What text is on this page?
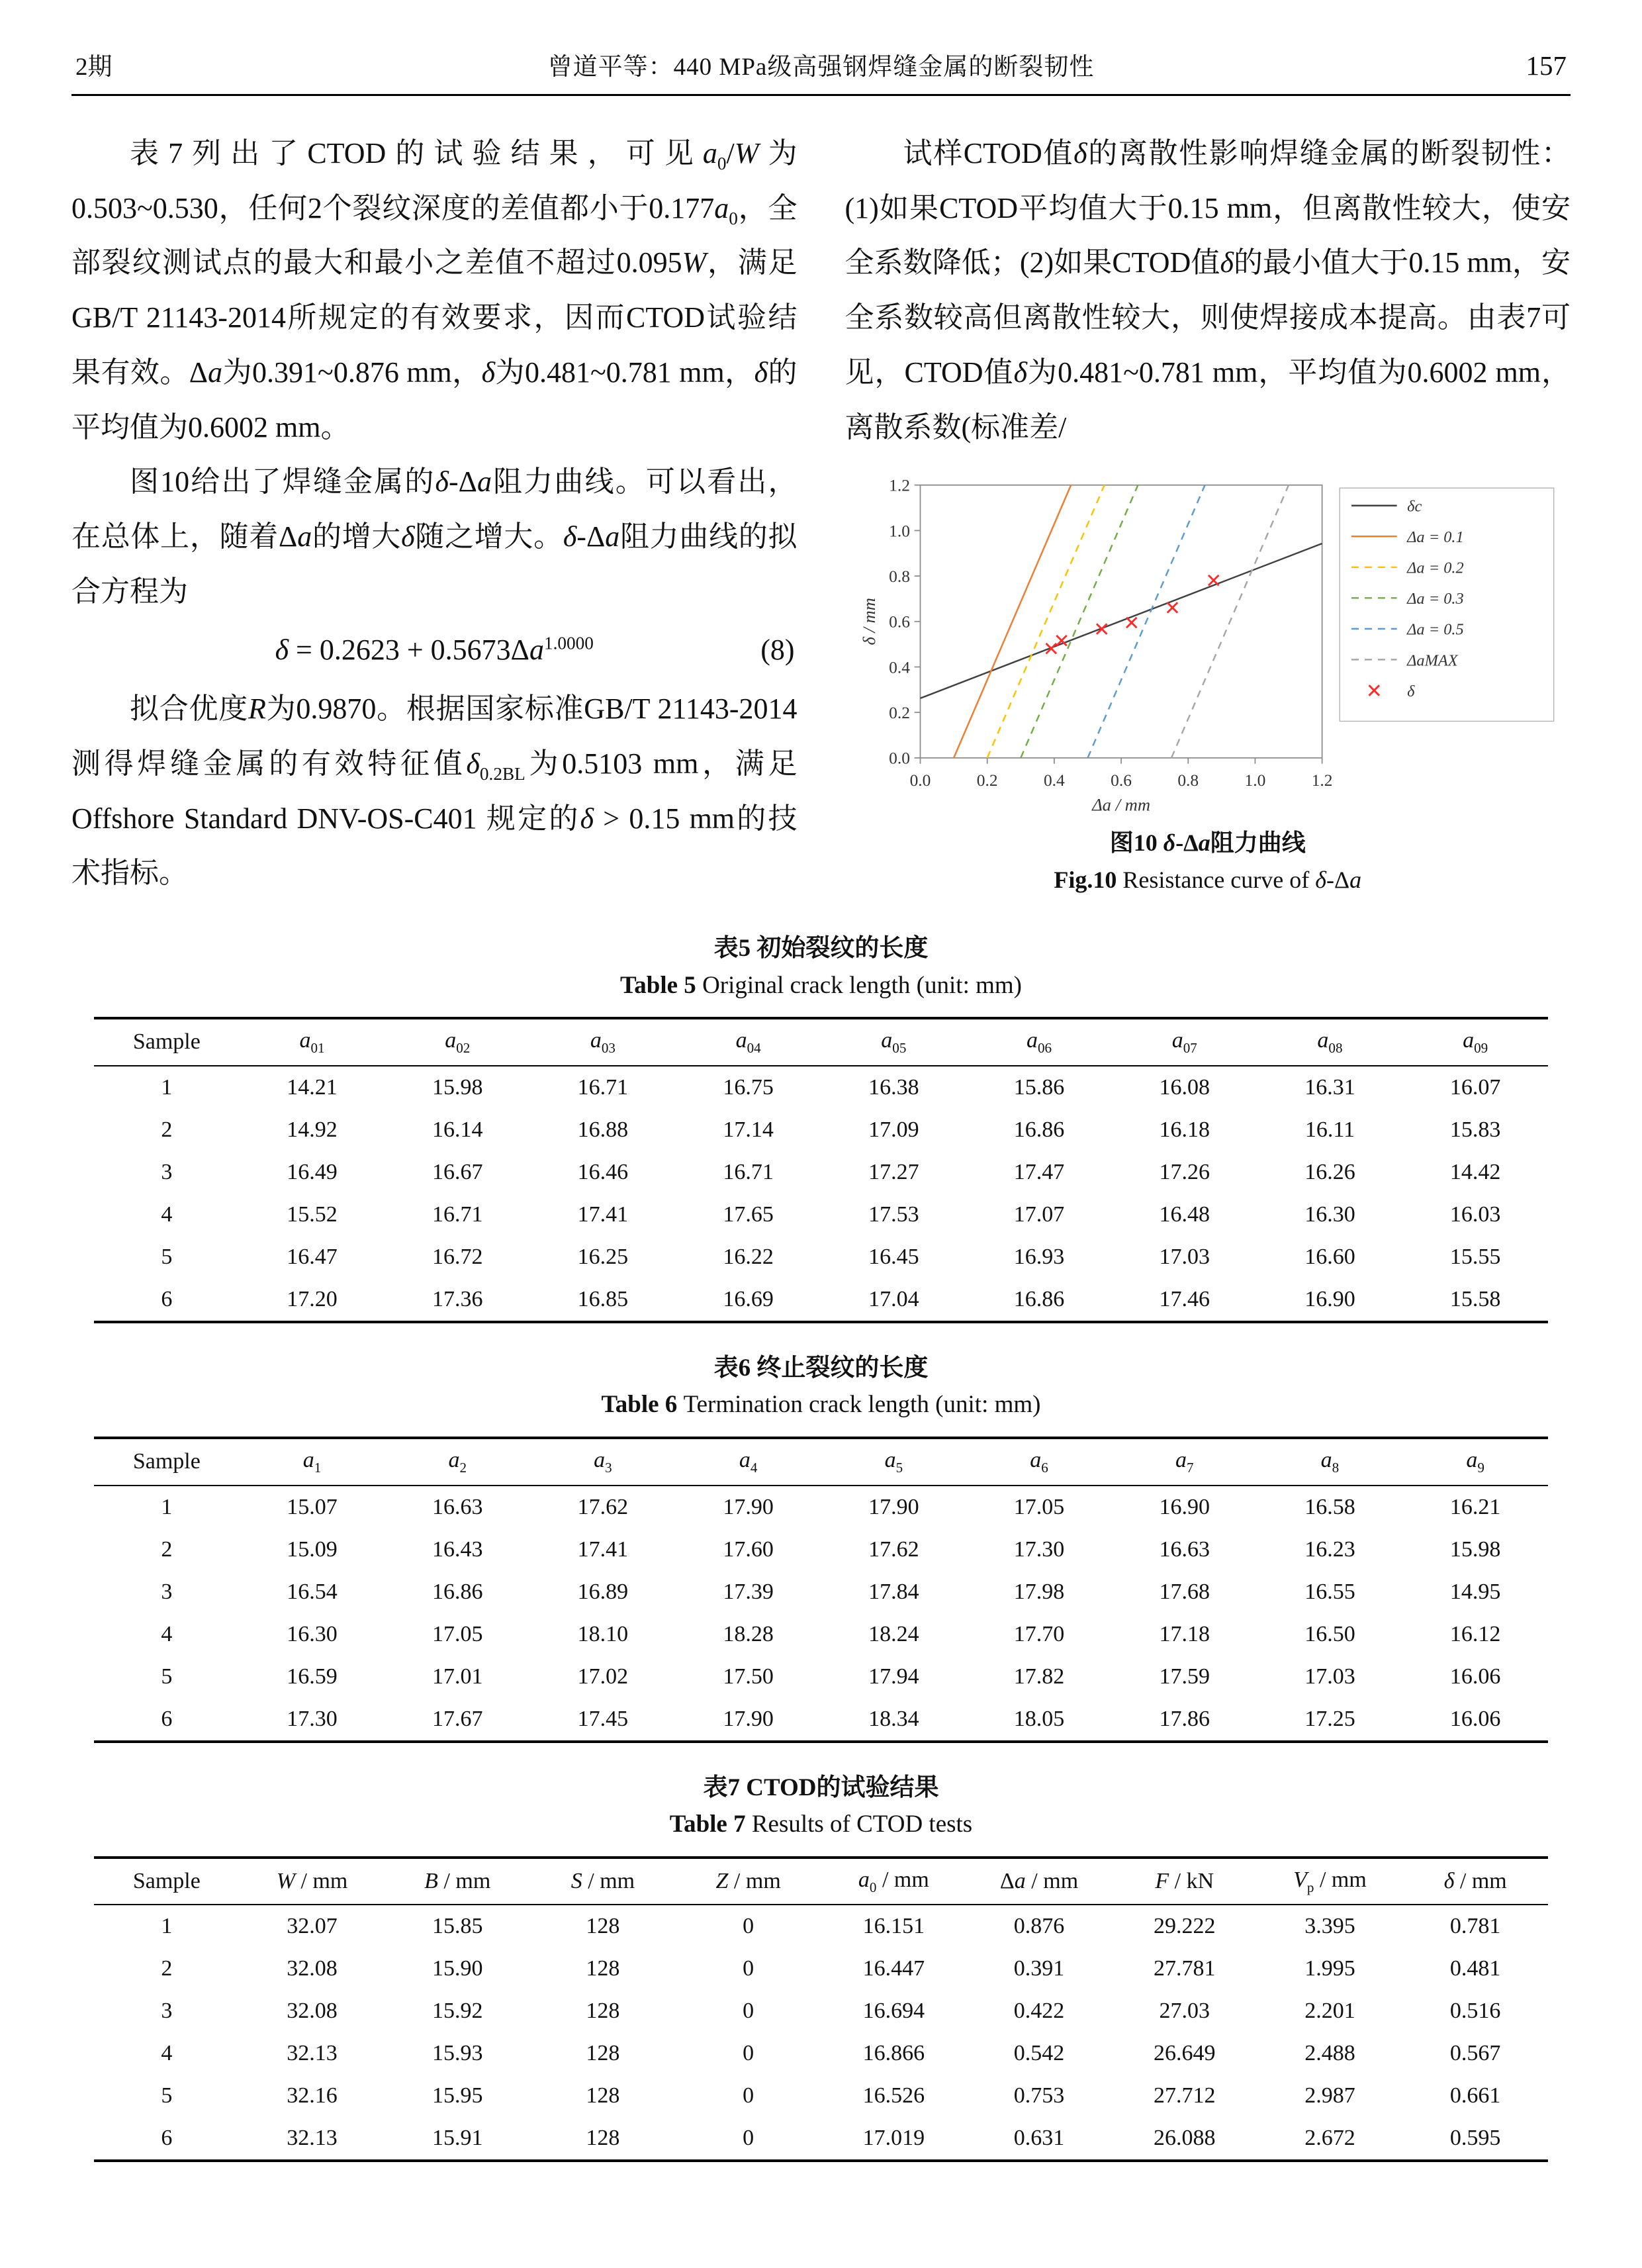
2期	曾道平等：440 MPa级高强钢焊缝金属的断裂韧性	157

表7列出了CTOD的试验结果，可见$a_0/W$为0.503~0.530，任何2个裂纹深度的差值都小于$0.177a_0$，全部裂纹测试点的最大和最小之差值不超过0.095W，满足GB/T 21143-2014所规定的有效要求，因而CTOD试验结果有效。Δa为0.391~0.876 mm，δ为0.481~0.781 mm，δ的平均值为0.6002 mm。

图10给出了焊缝金属的δ-Δa阻力曲线。可以看出，在总体上，随着Δa的增大δ随之增大。δ-Δa阻力曲线的拟合方程为

$\delta = 0.2623 + 0.5673\Delta a^{1.0000}$	(8)

拟合优度R为0.9870。根据国家标准GB/T 21143-2014测得焊缝金属的有效特征值$\delta_{0.2BL}$为0.5103 mm，满足 Offshore Standard DNV-OS-C401 规定的δ > 0.15 mm的技术指标。

试样CTOD值δ的离散性影响焊缝金属的断裂韧性：(1)如果CTOD平均值大于0.15 mm，但离散性较大，使安全系数降低；(2)如果CTOD值δ的最小值大于0.15 mm，安全系数较高但离散性较大，则使焊接成本提高。由表7可见，CTOD值δ为0.481~0.781 mm，平均值为0.6002 mm，离散系数(标准差/

0.0
0.2
0.4
0.6
0.8
1.0
1.2
0.0	0.2	0.4	0.6	0.8	1.0	1.2
Δa / mm
δ / mm
δc
Δa = 0.1
Δa = 0.2
Δa = 0.3
Δa = 0.5
ΔaMAX
δ
图10 δ-Δa阻力曲线
Fig.10 Resistance curve of δ-Δa
表5 初始裂纹的长度
Table 5 Original crack length (unit: mm)
Sample	$a_{01}$	$a_{02}$	$a_{03}$	$a_{04}$	$a_{05}$	$a_{06}$	$a_{07}$	$a_{08}$	$a_{09}$
1	14.21	15.98	16.71	16.75	16.38	15.86	16.08	16.31	16.07
2	14.92	16.14	16.88	17.14	17.09	16.86	16.18	16.11	15.83
3	16.49	16.67	16.46	16.71	17.27	17.47	17.26	16.26	14.42
4	15.52	16.71	17.41	17.65	17.53	17.07	16.48	16.30	16.03
5	16.47	16.72	16.25	16.22	16.45	16.93	17.03	16.60	15.55
6	17.20	17.36	16.85	16.69	17.04	16.86	17.46	16.90	15.58
表6 终止裂纹的长度
Table 6 Termination crack length (unit: mm)
Sample	$a_1$	$a_2$	$a_3$	$a_4$	$a_5$	$a_6$	$a_7$	$a_8$	$a_9$
1	15.07	16.63	17.62	17.90	17.90	17.05	16.90	16.58	16.21
2	15.09	16.43	17.41	17.60	17.62	17.30	16.63	16.23	15.98
3	16.54	16.86	16.89	17.39	17.84	17.98	17.68	16.55	14.95
4	16.30	17.05	18.10	18.28	18.24	17.70	17.18	16.50	16.12
5	16.59	17.01	17.02	17.50	17.94	17.82	17.59	17.03	16.06
6	17.30	17.67	17.45	17.90	18.34	18.05	17.86	17.25	16.06
表7 CTOD的试验结果
Table 7 Results of CTOD tests
Sample	W / mm	B / mm	S / mm	Z / mm	$a_0$ / mm	Δa / mm	F / kN	$V_p$ / mm	δ / mm
1	32.07	15.85	128	0	16.151	0.876	29.222	3.395	0.781
2	32.08	15.90	128	0	16.447	0.391	27.781	1.995	0.481
3	32.08	15.92	128	0	16.694	0.422	27.03	2.201	0.516
4	32.13	15.93	128	0	16.866	0.542	26.649	2.488	0.567
5	32.16	15.95	128	0	16.526	0.753	27.712	2.987	0.661
6	32.13	15.91	128	0	17.019	0.631	26.088	2.672	0.595
